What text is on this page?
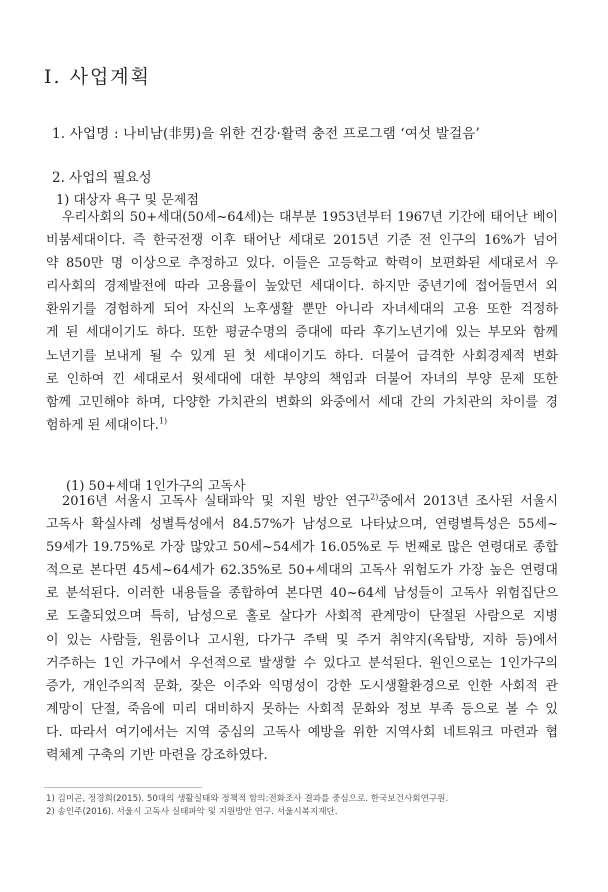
Ⅰ. 사업계획
1. 사업명 : 나비남(非男)을 위한 건강·활력 충전 프로그램 ‘여섯 발걸음’
2. 사업의 필요성
1) 대상자 욕구 및 문제점
우리사회의 50+세대(50세~64세)는 대부분 1953년부터 1967년 기간에 태어난 베이
비붐세대이다. 즉 한국전쟁 이후 태어난 세대로 2015년 기준 전 인구의 16%가 넘어
약 850만 명 이상으로 추정하고 있다. 이들은 고등학교 학력이 보편화된 세대로서 우
리사회의 경제발전에 따라 고용률이 높았던 세대이다. 하지만 중년기에 접어들면서 외
환위기를 경험하게 되어 자신의 노후생활 뿐만 아니라 자녀세대의 고용 또한 걱정하
게 된 세대이기도 하다. 또한 평균수명의 증대에 따라 후기노년기에 있는 부모와 함께
노년기를 보내게 될 수 있게 된 첫 세대이기도 하다. 더불어 급격한 사회경제적 변화
로 인하여 낀 세대로서 윗세대에 대한 부양의 책임과 더불어 자녀의 부양 문제 또한
함께 고민해야 하며, 다양한 가치관의 변화의 와중에서 세대 간의 가치관의 차이를 경
험하게 된 세대이다.$^{1)}$
(1) 50+세대 1인가구의 고독사
2016년 서울시 고독사 실태파악 및 지원 방안 연구$^{2)}$중에서 2013년 조사된 서울시
고독사 확실사례 성별특성에서 84.57%가 남성으로 나타났으며, 연령별특성은 55세~
59세가 19.75%로 가장 많았고 50세~54세가 16.05%로 두 번째로 많은 연령대로 종합
적으로 본다면 45세~64세가 62.35%로 50+세대의 고독사 위험도가 가장 높은 연령대
로 분석된다. 이러한 내용들을 종합하여 본다면 40~64세 남성들이 고독사 위험집단으
로 도출되었으며 특히, 남성으로 홀로 살다가 사회적 관계망이 단절된 사람으로 지병
이 있는 사람들, 원룸이나 고시원, 다가구 주택 및 주거 취약지(옥탑방, 지하 등)에서
거주하는 1인 가구에서 우선적으로 발생할 수 있다고 분석된다. 원인으로는 1인가구의
증가, 개인주의적 문화, 잦은 이주와 익명성이 강한 도시생활환경으로 인한 사회적 관
계망이 단절, 죽음에 미리 대비하지 못하는 사회적 문화와 정보 부족 등으로 볼 수 있
다. 따라서 여기에서는 지역 중심의 고독사 예방을 위한 지역사회 네트워크 마련과 협
력체계 구축의 기반 마련을 강조하였다.
1) 김미곤, 정경희(2015). 50대의 생활실태와 정책적 함의:전화조사 결과를 중심으로. 한국보건사회연구원.
2) 송인주(2016). 서울시 고독사 실태파악 및 지원방안 연구. 서울시복지재단.
